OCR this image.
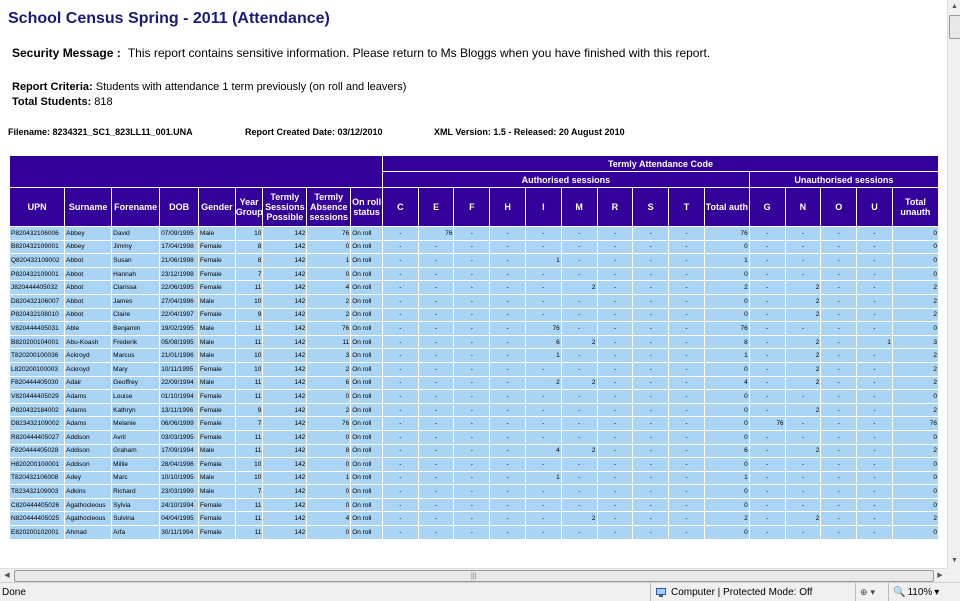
School Census Spring - 2011 (Attendance)
Security Message : This report contains sensitive information. Please return to Ms Bloggs when you have finished with this report.
Report Criteria: Students with attendance 1 term previously (on roll and leavers)
Total Students: 818
Filename: 8234321_SC1_823LL11_001.UNA	Report Created Date: 03/12/2010	XML Version: 1.5 - Released: 20 August 2010
									Termly Attendance Code														
									Authorised sessions										Unauthorised sessions				
UPN	Surname	Forename	DOB	Gender	Year Group	Termly Sessions Possible	Termly Absence sessions	On roll status	C	E	F	H	I	M	R	S	T	Total auth	G	N	O	U	Total unauth
P820432106006	Abbey	David	07/09/1995	Male	10	142	76	On roll	-	76	-	-	-	-	-	-	-	76	-	-	-	-	0
B820432109001	Abbey	Jimmy	17/04/1998	Female	8	142	0	On roll	-	-	-	-	-	-	-	-	-	0	-	-	-	-	0
Q820432109002	Abbot	Susan	21/06/1998	Female	8	142	1	On roll	-	-	-	-	1	-	-	-	-	1	-	-	-	-	0
P820432109001	Abbot	Hannah	23/12/1998	Female	7	142	0	On roll	-	-	-	-	-	-	-	-	-	0	-	-	-	-	0
J820444405032	Abbot	Clarissa	22/06/1995	Female	11	142	4	On roll	-	-	-	-	-	2	-	-	-	2	-	2	-	-	2
D820432106007	Abbot	James	27/04/1996	Male	10	142	2	On roll	-	-	-	-	-	-	-	-	-	0	-	2	-	-	2
P820432108010	Abbot	Claire	22/04/1997	Female	9	142	2	On roll	-	-	-	-	-	-	-	-	-	0	-	2	-	-	2
V820444405031	Able	Benjamin	19/02/1995	Male	11	142	76	On roll	-	-	-	-	76	-	-	-	-	76	-	-	-	-	0
B820200104001	Abu-Koash	Frederik	05/08/1995	Male	11	142	11	On roll	-	-	-	-	6	2	-	-	-	8	-	2	-	1	3
T820200100036	Ackroyd	Marcus	21/01/1996	Male	10	142	3	On roll	-	-	-	-	1	-	-	-	-	1	-	2	-	-	2
L820200100003	Ackroyd	Mary	10/11/1995	Female	10	142	2	On roll	-	-	-	-	-	-	-	-	-	0	-	2	-	-	2
F820444405030	Adair	Geoffrey	22/09/1994	Male	11	142	6	On roll	-	-	-	-	2	2	-	-	-	4	-	2	-	-	2
V820444405029	Adams	Louise	01/10/1994	Female	11	142	0	On roll	-	-	-	-	-	-	-	-	-	0	-	-	-	-	0
P820432184002	Adams	Kathryn	13/11/1996	Female	9	142	2	On roll	-	-	-	-	-	-	-	-	-	0	-	2	-	-	2
D823432109002	Adams	Melanie	06/06/1999	Female	7	142	76	On roll	-	-	-	-	-	-	-	-	-	0	76	-	-	-	76
R820444405027	Addison	Avril	03/03/1995	Female	11	142	0	On roll	-	-	-	-	-	-	-	-	-	0	-	-	-	-	0
F820444405028	Addison	Graham	17/09/1994	Male	11	142	8	On roll	-	-	-	-	4	2	-	-	-	6	-	2	-	-	2
H820200100001	Addison	Millie	28/04/1996	Female	10	142	0	On roll	-	-	-	-	-	-	-	-	-	0	-	-	-	-	0
T820432106008	Adey	Marc	10/10/1995	Male	10	142	1	On roll	-	-	-	-	1	-	-	-	-	1	-	-	-	-	0
T823432109003	Adkins	Richard	23/03/1999	Male	7	142	0	On roll	-	-	-	-	-	-	-	-	-	0	-	-	-	-	0
C820444405026	Agathocleous	Sylvia	24/10/1994	Female	11	142	0	On roll	-	-	-	-	-	-	-	-	-	0	-	-	-	-	0
N820444405025	Agathocleous	Sulvina	04/04/1995	Female	11	142	4	On roll	-	-	-	-	-	2	-	-	-	2	-	2	-	-	2
E820200102001	Ahmad	Arfa	30/11/1994	Female	11	142	0	On roll	-	-	-	-	-	-	-	-	-	0	-	-	-	-	0
▲
▼
◀	|||	▶
Done	Computer | Protected Mode: Off	⊕ ▾ 🔍 110% ▾
